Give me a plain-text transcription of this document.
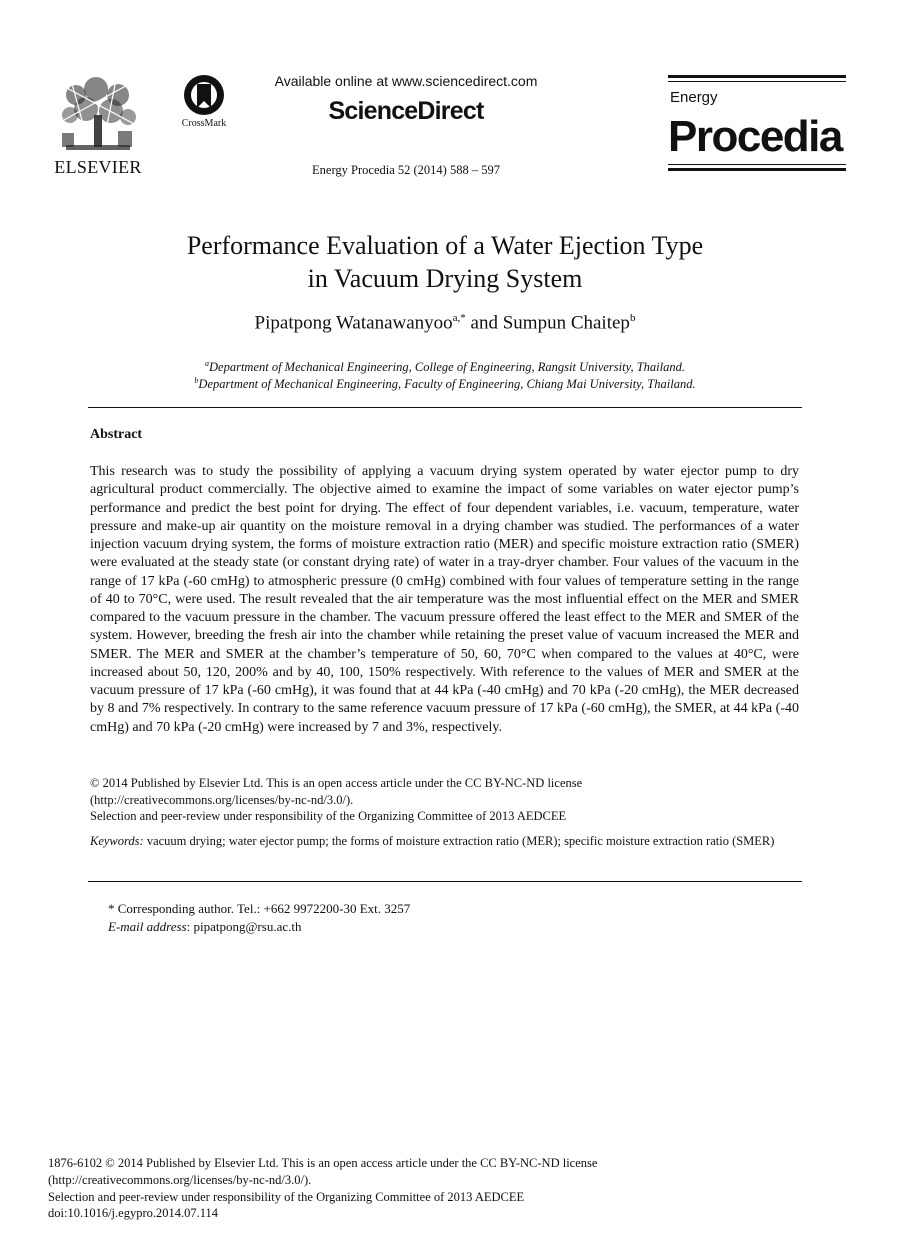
ELSEVIER
CrossMark
Available online at www.sciencedirect.com
ScienceDirect
Energy Procedia 52 (2014) 588 – 597
Energy
Procedia
Performance Evaluation of a Water Ejection Type
in Vacuum Drying System
Pipatpong Watanawanyoo$^{a,*}$ and Sumpun Chaitep$^b$
$^a$Department of Mechanical Engineering, College of Engineering, Rangsit University, Thailand.
$^b$Department of Mechanical Engineering, Faculty of Engineering, Chiang Mai University, Thailand.
Abstract
This research was to study the possibility of applying a vacuum drying system operated by water ejector pump to dry agricultural product commercially. The objective aimed to examine the impact of some variables on water ejector pump’s performance and predict the best point for drying. The effect of four dependent variables, i.e. vacuum, temperature, water pressure and make-up air quantity on the moisture removal in a drying chamber was studied. The performances of a water injection vacuum drying system, the forms of moisture extraction ratio (MER) and specific moisture extraction ratio (SMER) were evaluated at the steady state (or constant drying rate) of water in a tray-dryer chamber. Four values of the vacuum in the range of 17 kPa (-60 cmHg) to atmospheric pressure (0 cmHg) combined with four values of temperature setting in the range of 40 to 70°C, were used. The result revealed that the air temperature was the most influential effect on the MER and SMER compared to the vacuum pressure in the chamber. The vacuum pressure offered the least effect to the MER and SMER of the system. However, breeding the fresh air into the chamber while retaining the preset value of vacuum increased the MER and SMER. The MER and SMER at the chamber’s temperature of 50, 60, 70°C when compared to the values at 40°C, were increased about 50, 120, 200% and by 40, 100, 150% respectively. With reference to the values of MER and SMER at the vacuum pressure of 17 kPa (-60 cmHg), it was found that at 44 kPa (-40 cmHg) and 70 kPa (-20 cmHg), the MER decreased by 8 and 7% respectively. In contrary to the same reference vacuum pressure of 17 kPa (-60 cmHg), the SMER, at 44 kPa (-40 cmHg) and 70 kPa (-20 cmHg) were increased by 7 and 3%, respectively.
© 2014 Published by Elsevier Ltd. This is an open access article under the CC BY-NC-ND license
(http://creativecommons.org/licenses/by-nc-nd/3.0/).
Selection and peer-review under responsibility of the Organizing Committee of 2013 AEDCEE
Keywords: vacuum drying; water ejector pump; the forms of moisture extraction ratio (MER); specific moisture extraction ratio (SMER)
* Corresponding author. Tel.: +662 9972200-30 Ext. 3257
E-mail address: pipatpong@rsu.ac.th
1876-6102 © 2014 Published by Elsevier Ltd. This is an open access article under the CC BY-NC-ND license
(http://creativecommons.org/licenses/by-nc-nd/3.0/).
Selection and peer-review under responsibility of the Organizing Committee of 2013 AEDCEE
doi:10.1016/j.egypro.2014.07.114
